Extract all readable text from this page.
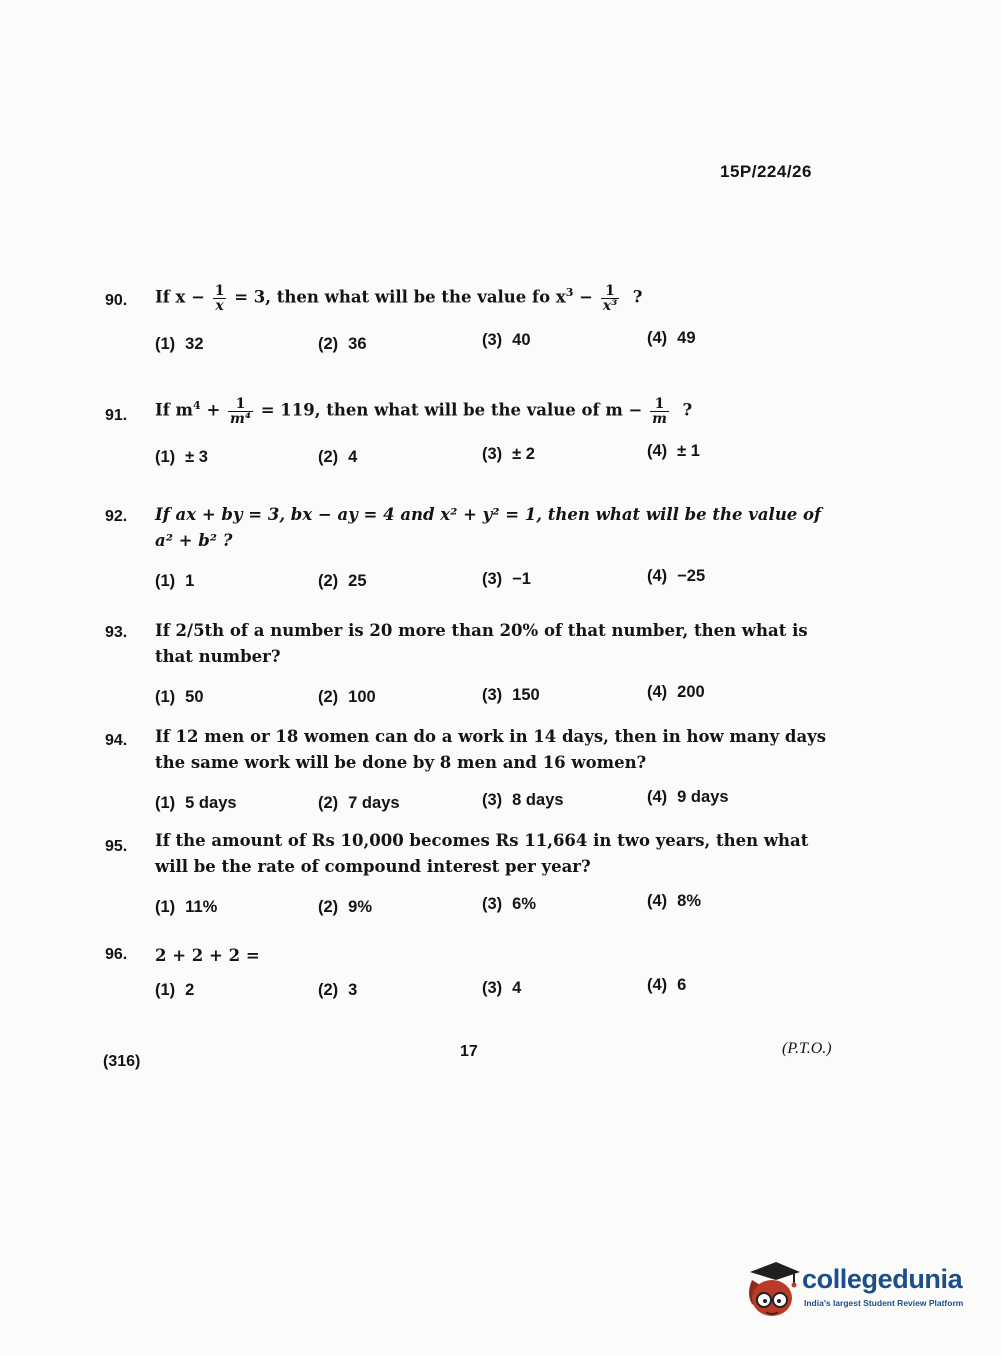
15P/224/26
90. If $x - \frac{1}{x} = 3$, then what will be the value fo $x^3 - \frac{1}{\text{x³}}$ ?
(1) 32	(2) 36	(3) 40	(4) 49
91. If $m^4 + \frac{1}{\text{m⁴}} = 119$, then what will be the value of $m - \frac{1}{m}$ ?
(1) ± 3	(2) 4	(3) ± 2	(4) ± 1
92. If ax + by = 3, bx − ay = 4 and x² + y² = 1, then what will be the value of a² + b² ?
(1) 1	(2) 25	(3) −1	(4) −25
93. If 2/5th of a number is 20 more than 20% of that number, then what is that number?
(1) 50	(2) 100	(3) 150	(4) 200
94. If 12 men or 18 women can do a work in 14 days, then in how many days the same work will be done by 8 men and 16 women?
(1) 5 days	(2) 7 days	(3) 8 days	(4) 9 days
95. If the amount of Rs 10,000 becomes Rs 11,664 in two years, then what will be the rate of compound interest per year?
(1) 11%	(2) 9%	(3) 6%	(4) 8%
96. 2 + 2 + 2 =
(1) 2	(2) 3	(3) 4	(4) 6
(316)
17	(P.T.O.)
collegedunia
India's largest Student Review Platform
